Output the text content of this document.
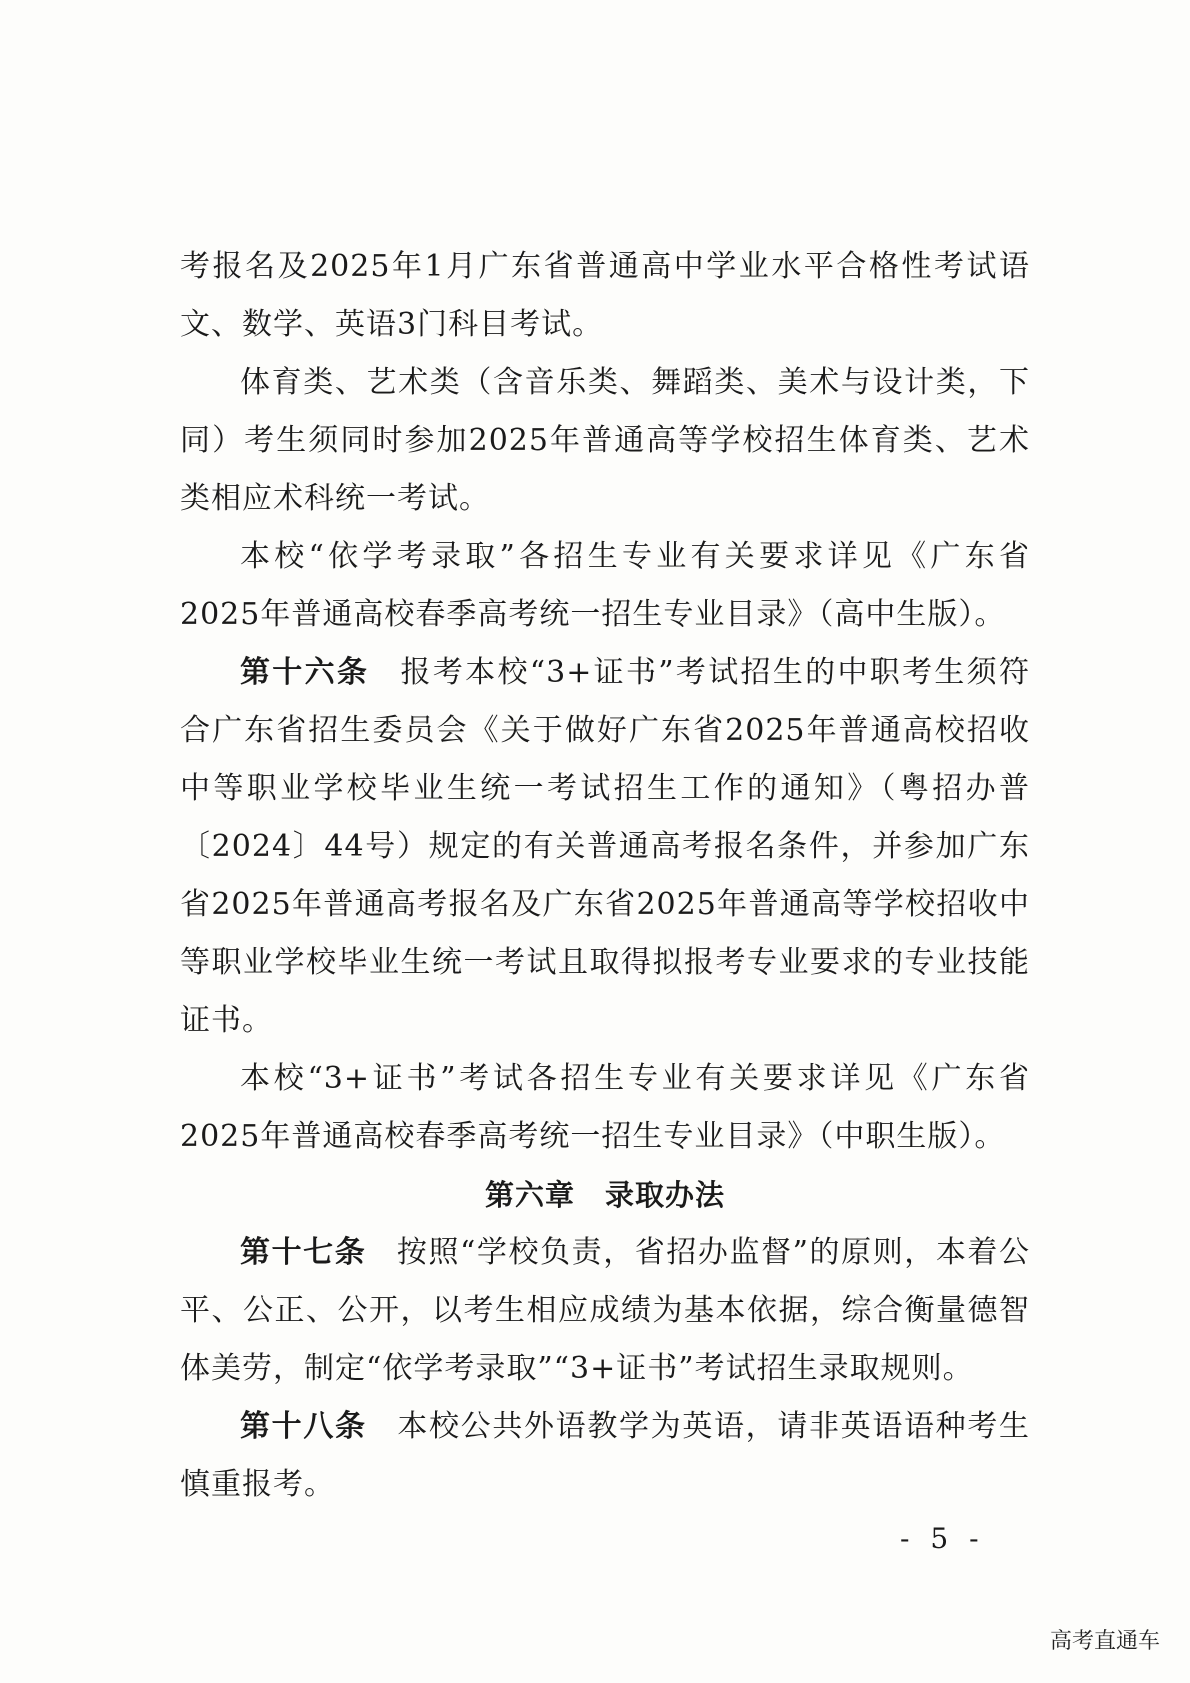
考报名及2025年1月广东省普通高中学业水平合格性考试语文、数学、英语3门科目考试。

体育类、艺术类（含音乐类、舞蹈类、美术与设计类，下同）考生须同时参加2025年普通高等学校招生体育类、艺术类相应术科统一考试。

本校“依学考录取”各招生专业有关要求详见《广东省2025年普通高校春季高考统一招生专业目录》（高中生版）。

第十六条 报考本校“3+证书”考试招生的中职考生须符合广东省招生委员会《关于做好广东省2025年普通高校招收中等职业学校毕业生统一考试招生工作的通知》（粤招办普〔2024〕44号）规定的有关普通高考报名条件，并参加广东省2025年普通高考报名及广东省2025年普通高等学校招收中等职业学校毕业生统一考试且取得拟报考专业要求的专业技能证书。

本校“3+证书”考试各招生专业有关要求详见《广东省2025年普通高校春季高考统一招生专业目录》（中职生版）。

第六章　录取办法

第十七条 按照“学校负责，省招办监督”的原则，本着公平、公正、公开，以考生相应成绩为基本依据，综合衡量德智体美劳，制定“依学考录取”“3+证书”考试招生录取规则。

第十八条 本校公共外语教学为英语，请非英语语种考生慎重报考。

- 5 -
高考直通车
